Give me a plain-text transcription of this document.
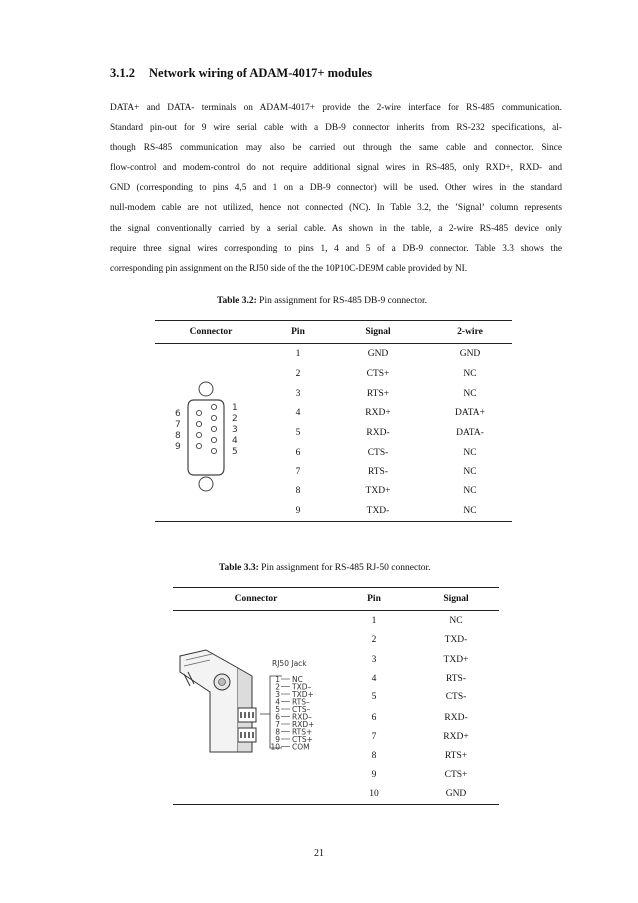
3.1.2 Network wiring of ADAM-4017+ modules
DATA+ and DATA- terminals on ADAM-4017+ provide the 2-wire interface for RS-485 communication.
Standard pin-out for 9 wire serial cable with a DB-9 connector inherits from RS-232 specifications, al-
though RS-485 communication may also be carried out through the same cable and connector. Since
flow-control and modem-control do not require additional signal wires in RS-485, only RXD+, RXD- and
GND (corresponding to pins 4,5 and 1 on a DB-9 connector) will be used. Other wires in the standard
null-modem cable are not utilized, hence not connected (NC). In Table 3.2, the ’Signal’ column represents
the signal conventionally carried by a serial cable. As shown in the table, a 2-wire RS-485 device only
require three signal wires corresponding to pins 1, 4 and 5 of a DB-9 connector. Table 3.3 shows the
corresponding pin assignment on the RJ50 side of the the 10P10C-DE9M cable provided by NI.
Table 3.2: Pin assignment for RS-485 DB-9 connector.
Connector	Pin	Signal	2-wire
1
2
3
4
5
6
7
8
9
1	GND	GND
2	CTS+	NC
3	RTS+	NC
4	RXD+	DATA+
5	RXD-	DATA-
6	CTS-	NC
7	RTS-	NC
8	TXD+	NC
9	TXD-	NC
Table 3.3: Pin assignment for RS-485 RJ-50 connector.
Connector	Pin	Signal
RJ50 Jack
1 NC
2 TXD–
3 TXD+
4 RTS–
5 CTS–
6 RXD–
7 RXD+
8 RTS+
9 CTS+
10 COM
1	NC
2	TXD-
3	TXD+
4	RTS-
5	CTS-
6	RXD-
7	RXD+
8	RTS+
9	CTS+
10	GND
21
